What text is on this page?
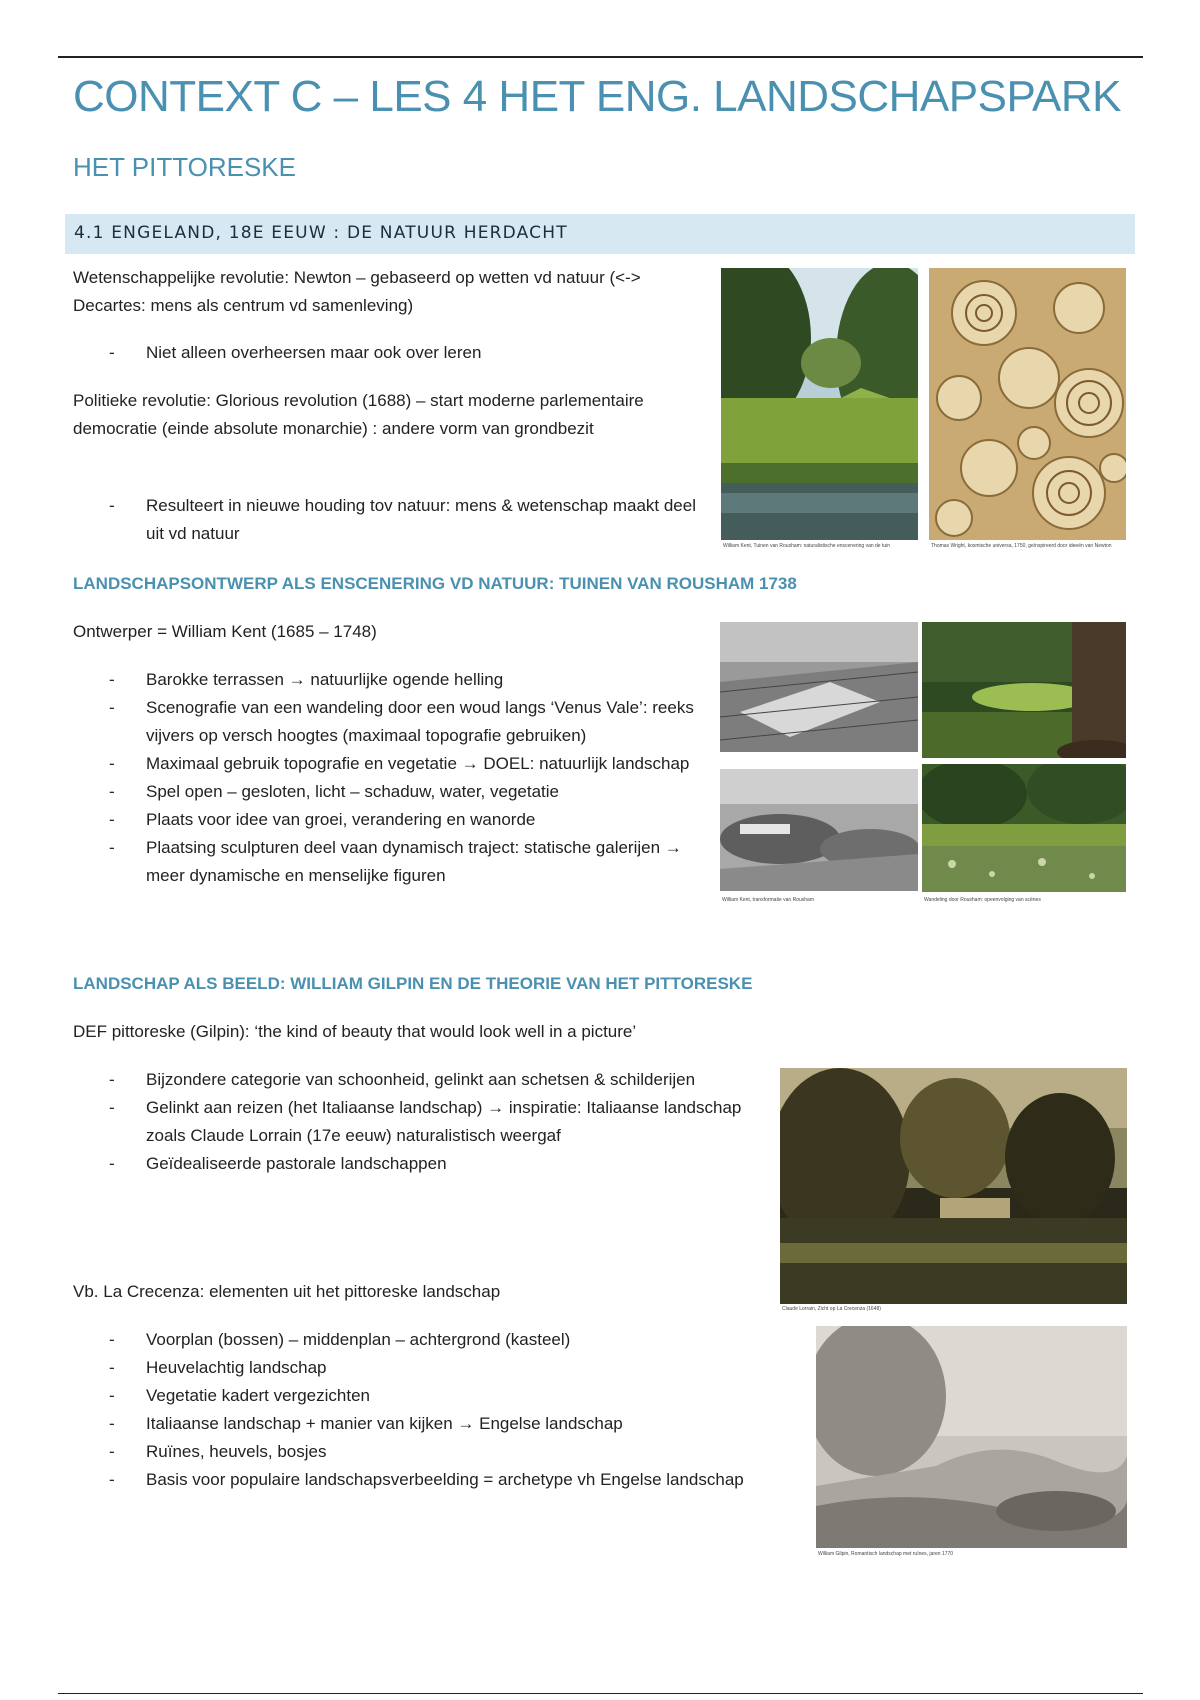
CONTEXT C – LES 4 HET ENG. LANDSCHAPSPARK
HET PITTORESKE
4.1 ENGELAND, 18E EEUW : DE NATUUR HERDACHT
Wetenschappelijke revolutie: Newton – gebaseerd op wetten vd natuur (<-> Decartes: mens als centrum vd samenleving)
- Niet alleen overheersen maar ook over leren
Politieke revolutie: Glorious revolution (1688) – start moderne parlementaire democratie (einde absolute monarchie) : andere vorm van grondbezit
- Resulteert in nieuwe houding tov natuur: mens & wetenschap maakt deel uit vd natuur
William Kent, Tuinen van Rousham: naturalistische enscenering van de tuin	Thomas Wright, kosmische universa, 1750, geïnspireerd door ideeën van Newton
LANDSCHAPSONTWERP ALS ENSCENERING VD NATUUR: TUINEN VAN ROUSHAM 1738
Ontwerper = William Kent (1685 – 1748)
- Barokke terrassen → natuurlijke ogende helling
- Scenografie van een wandeling door een woud langs ‘Venus Vale’: reeks vijvers op versch hoogtes (maximaal topografie gebruiken)
- Maximaal gebruik topografie en vegetatie → DOEL: natuurlijk landschap
- Spel open – gesloten, licht – schaduw, water, vegetatie
- Plaats voor idee van groei, verandering en wanorde
- Plaatsing sculpturen deel vaan dynamisch traject: statische galerijen → meer dynamische en menselijke figuren
William Kent, transformatie van Rousham	Wandeling door Rousham: opeenvolging van scènes
LANDSCHAP ALS BEELD: WILLIAM GILPIN EN DE THEORIE VAN HET PITTORESKE
DEF pittoreske (Gilpin): ‘the kind of beauty that would look well in a picture’
- Bijzondere categorie van schoonheid, gelinkt aan schetsen & schilderijen
- Gelinkt aan reizen (het Italiaanse landschap) → inspiratie: Italiaanse landschap zoals Claude Lorrain (17e eeuw) naturalistisch weergaf
- Geïdealiseerde pastorale landschappen
Claude Lorrain, Zicht op La Crecenza (1648)
Vb. La Crecenza: elementen uit het pittoreske landschap
- Voorplan (bossen) – middenplan – achtergrond (kasteel)
- Heuvelachtig landschap
- Vegetatie kadert vergezichten
- Italiaanse landschap + manier van kijken → Engelse landschap
- Ruïnes, heuvels, bosjes
- Basis voor populaire landschapsverbeelding = archetype vh Engelse landschap
William Gilpin, Romantisch landschap met ruïnes, jaren 1770
